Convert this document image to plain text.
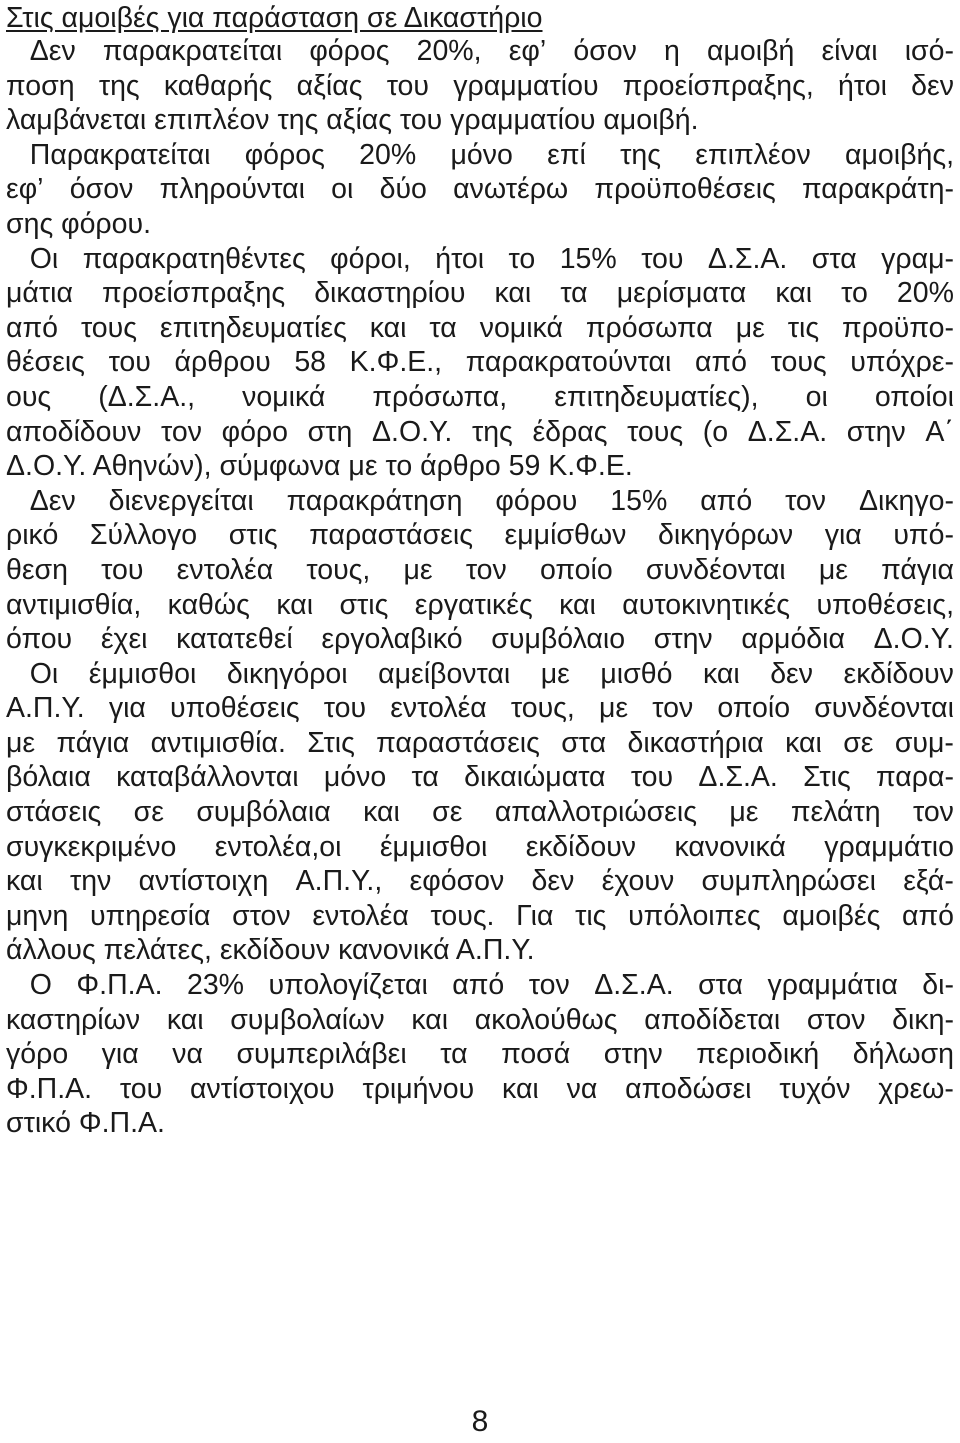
Στις αμοιβές για παράσταση σε Δικαστήριο
Δεν παρακρατείται φόρος 20%, εφ’ όσον η αμοιβή είναι ισό-
ποση της καθαρής αξίας του γραμματίου προείσπραξης, ήτοι δεν
λαμβάνεται επιπλέον της αξίας του γραμματίου αμοιβή.
Παρακρατείται φόρος 20% μόνο επί της επιπλέον αμοιβής,
εφ’ όσον πληρούνται οι δύο ανωτέρω προϋποθέσεις παρακράτη-
σης φόρου.
Οι παρακρατηθέντες φόροι, ήτοι το 15% του Δ.Σ.Α. στα γραμ-
μάτια προείσπραξης δικαστηρίου και τα μερίσματα και το 20%
από τους επιτηδευματίες και τα νομικά πρόσωπα με τις προϋπο-
θέσεις του άρθρου 58 Κ.Φ.Ε., παρακρατούνται από τους υπόχρε-
ους (Δ.Σ.Α., νομικά πρόσωπα, επιτηδευματίες), οι οποίοι
αποδίδουν τον φόρο στη Δ.Ο.Υ. της έδρας τους (ο Δ.Σ.Α. στην Α΄
Δ.Ο.Υ. Αθηνών), σύμφωνα με το άρθρο 59 Κ.Φ.Ε.
Δεν διενεργείται παρακράτηση φόρου 15% από τον Δικηγο-
ρικό Σύλλογο στις παραστάσεις εμμίσθων δικηγόρων για υπό-
θεση του εντολέα τους, με τον οποίο συνδέονται με πάγια
αντιμισθία, καθώς και στις εργατικές και αυτοκινητικές υποθέσεις,
όπου έχει κατατεθεί εργολαβικό συμβόλαιο στην αρμόδια Δ.Ο.Υ.
Οι έμμισθοι δικηγόροι αμείβονται με μισθό και δεν εκδίδουν
Α.Π.Υ. για υποθέσεις του εντολέα τους, με τον οποίο συνδέονται
με πάγια αντιμισθία. Στις παραστάσεις στα δικαστήρια και σε συμ-
βόλαια καταβάλλονται μόνο τα δικαιώματα του Δ.Σ.Α. Στις παρα-
στάσεις σε συμβόλαια και σε απαλλοτριώσεις με πελάτη τον
συγκεκριμένο εντολέα,οι έμμισθοι εκδίδουν κανονικά γραμμάτιο
και την αντίστοιχη Α.Π.Υ., εφόσον δεν έχουν συμπληρώσει εξά-
μηνη υπηρεσία στον εντολέα τους. Για τις υπόλοιπες αμοιβές από
άλλους πελάτες, εκδίδουν κανονικά Α.Π.Υ.
Ο Φ.Π.Α. 23% υπολογίζεται από τον Δ.Σ.Α. στα γραμμάτια δι-
καστηρίων και συμβολαίων και ακολούθως αποδίδεται στον δικη-
γόρο για να συμπεριλάβει τα ποσά στην περιοδική δήλωση
Φ.Π.Α. του αντίστοιχου τριμήνου και να αποδώσει τυχόν χρεω-
στικό Φ.Π.Α.
8
